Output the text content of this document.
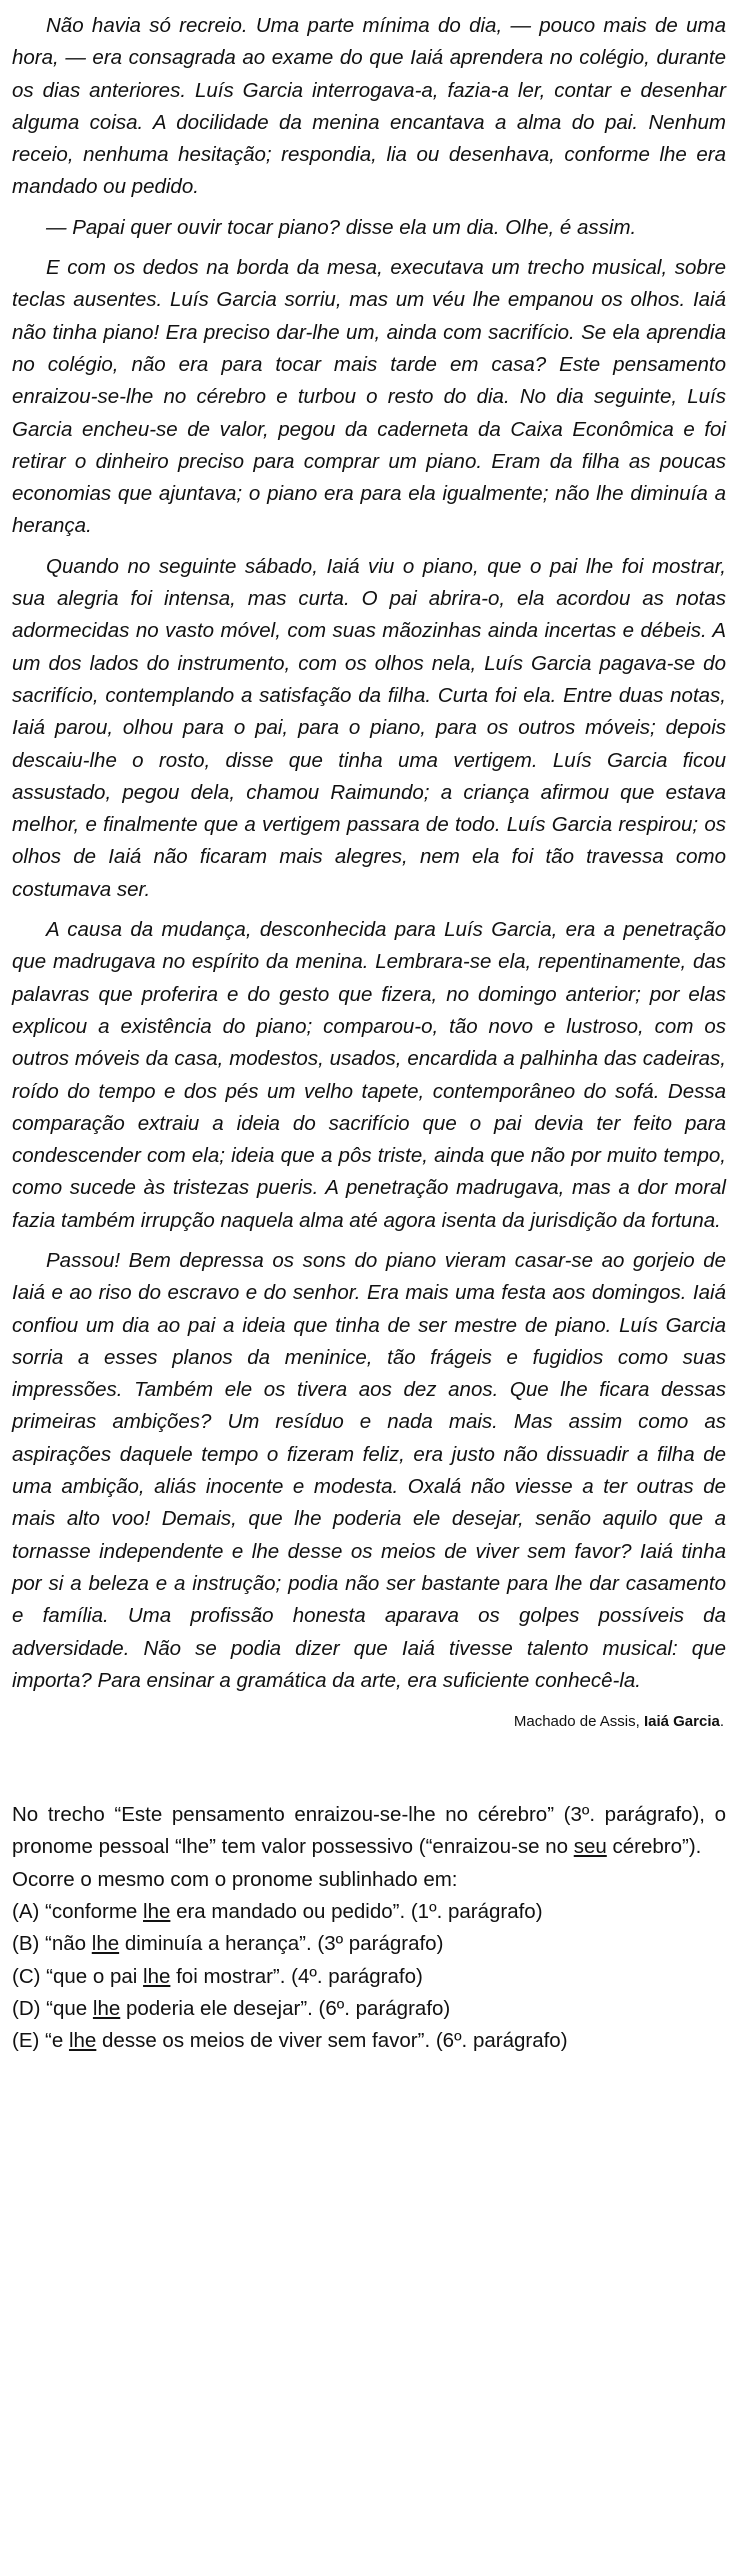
Não havia só recreio. Uma parte mínima do dia, — pouco mais de uma hora, — era consagrada ao exame do que Iaiá aprendera no colégio, durante os dias anteriores. Luís Garcia interrogava-a, fazia-a ler, contar e desenhar alguma coisa. A docilidade da menina encantava a alma do pai. Nenhum receio, nenhuma hesitação; respondia, lia ou desenhava, conforme lhe era mandado ou pedido.

— Papai quer ouvir tocar piano? disse ela um dia. Olhe, é assim.

E com os dedos na borda da mesa, executava um trecho musical, sobre teclas ausentes. Luís Garcia sorriu, mas um véu lhe empanou os olhos. Iaiá não tinha piano! Era preciso dar-lhe um, ainda com sacrifício. Se ela aprendia no colégio, não era para tocar mais tarde em casa? Este pensamento enraizou-se-lhe no cérebro e turbou o resto do dia. No dia seguinte, Luís Garcia encheu-se de valor, pegou da caderneta da Caixa Econômica e foi retirar o dinheiro preciso para comprar um piano. Eram da filha as poucas economias que ajuntava; o piano era para ela igualmente; não lhe diminuía a herança.

Quando no seguinte sábado, Iaiá viu o piano, que o pai lhe foi mostrar, sua alegria foi intensa, mas curta. O pai abrira-o, ela acordou as notas adormecidas no vasto móvel, com suas mãozinhas ainda incertas e débeis. A um dos lados do instrumento, com os olhos nela, Luís Garcia pagava-se do sacrifício, contemplando a satisfação da filha. Curta foi ela. Entre duas notas, Iaiá parou, olhou para o pai, para o piano, para os outros móveis; depois descaiu-lhe o rosto, disse que tinha uma vertigem. Luís Garcia ficou assustado, pegou dela, chamou Raimundo; a criança afirmou que estava melhor, e finalmente que a vertigem passara de todo. Luís Garcia respirou; os olhos de Iaiá não ficaram mais alegres, nem ela foi tão travessa como costumava ser.

A causa da mudança, desconhecida para Luís Garcia, era a penetração que madrugava no espírito da menina. Lembrara-se ela, repentinamente, das palavras que proferira e do gesto que fizera, no domingo anterior; por elas explicou a existência do piano; comparou-o, tão novo e lustroso, com os outros móveis da casa, modestos, usados, encardida a palhinha das cadeiras, roído do tempo e dos pés um velho tapete, contemporâneo do sofá. Dessa comparação extraiu a ideia do sacrifício que o pai devia ter feito para condescender com ela; ideia que a pôs triste, ainda que não por muito tempo, como sucede às tristezas pueris. A penetração madrugava, mas a dor moral fazia também irrupção naquela alma até agora isenta da jurisdição da fortuna.

Passou! Bem depressa os sons do piano vieram casar-se ao gorjeio de Iaiá e ao riso do escravo e do senhor. Era mais uma festa aos domingos. Iaiá confiou um dia ao pai a ideia que tinha de ser mestre de piano. Luís Garcia sorria a esses planos da meninice, tão frágeis e fugidios como suas impressões. Também ele os tivera aos dez anos. Que lhe ficara dessas primeiras ambições? Um resíduo e nada mais. Mas assim como as aspirações daquele tempo o fizeram feliz, era justo não dissuadir a filha de uma ambição, aliás inocente e modesta. Oxalá não viesse a ter outras de mais alto voo! Demais, que lhe poderia ele desejar, senão aquilo que a tornasse independente e lhe desse os meios de viver sem favor? Iaiá tinha por si a beleza e a instrução; podia não ser bastante para lhe dar casamento e família. Uma profissão honesta aparava os golpes possíveis da adversidade. Não se podia dizer que Iaiá tivesse talento musical: que importa? Para ensinar a gramática da arte, era suficiente conhecê-la.

Machado de Assis, Iaiá Garcia.

No trecho “Este pensamento enraizou-se-lhe no cérebro” (3º. parágrafo), o pronome pessoal “lhe” tem valor possessivo (“enraizou-se no seu cérebro”).

Ocorre o mesmo com o pronome sublinhado em:

(A) “conforme lhe era mandado ou pedido”. (1º. parágrafo)
(B) “não lhe diminuía a herança”. (3º parágrafo)
(C) “que o pai lhe foi mostrar”. (4º. parágrafo)
(D) “que lhe poderia ele desejar”. (6º. parágrafo)
(E) “e lhe desse os meios de viver sem favor”. (6º. parágrafo)
